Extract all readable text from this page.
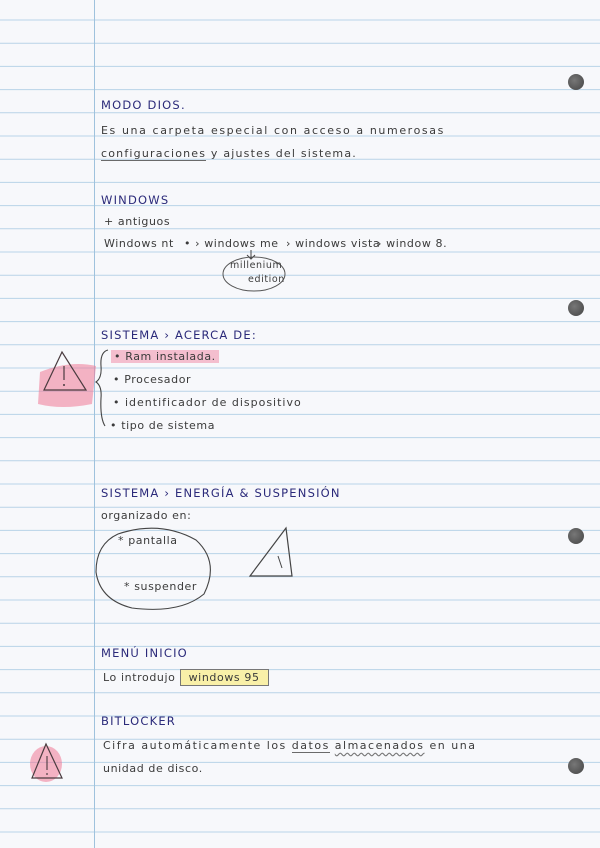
MODO DIOS.
Es una carpeta especial con acceso a numerosas
configuraciones y ajustes del sistema.
WINDOWS
+ antiguos
Windows nt • › windows me › windows vista
› window 8.
millenium
edition
SISTEMA › ACERCA DE:
• Ram instalada.
• Procesador
• identificador de dispositivo
• tipo de sistema
SISTEMA › ENERGÍA & SUSPENSIÓN
organizado en:
* pantalla
* suspender
MENÚ INICIO
Lo introdujo windows 95
BITLOCKER
Cifra automáticamente los datos almacenados en una
unidad de disco.
